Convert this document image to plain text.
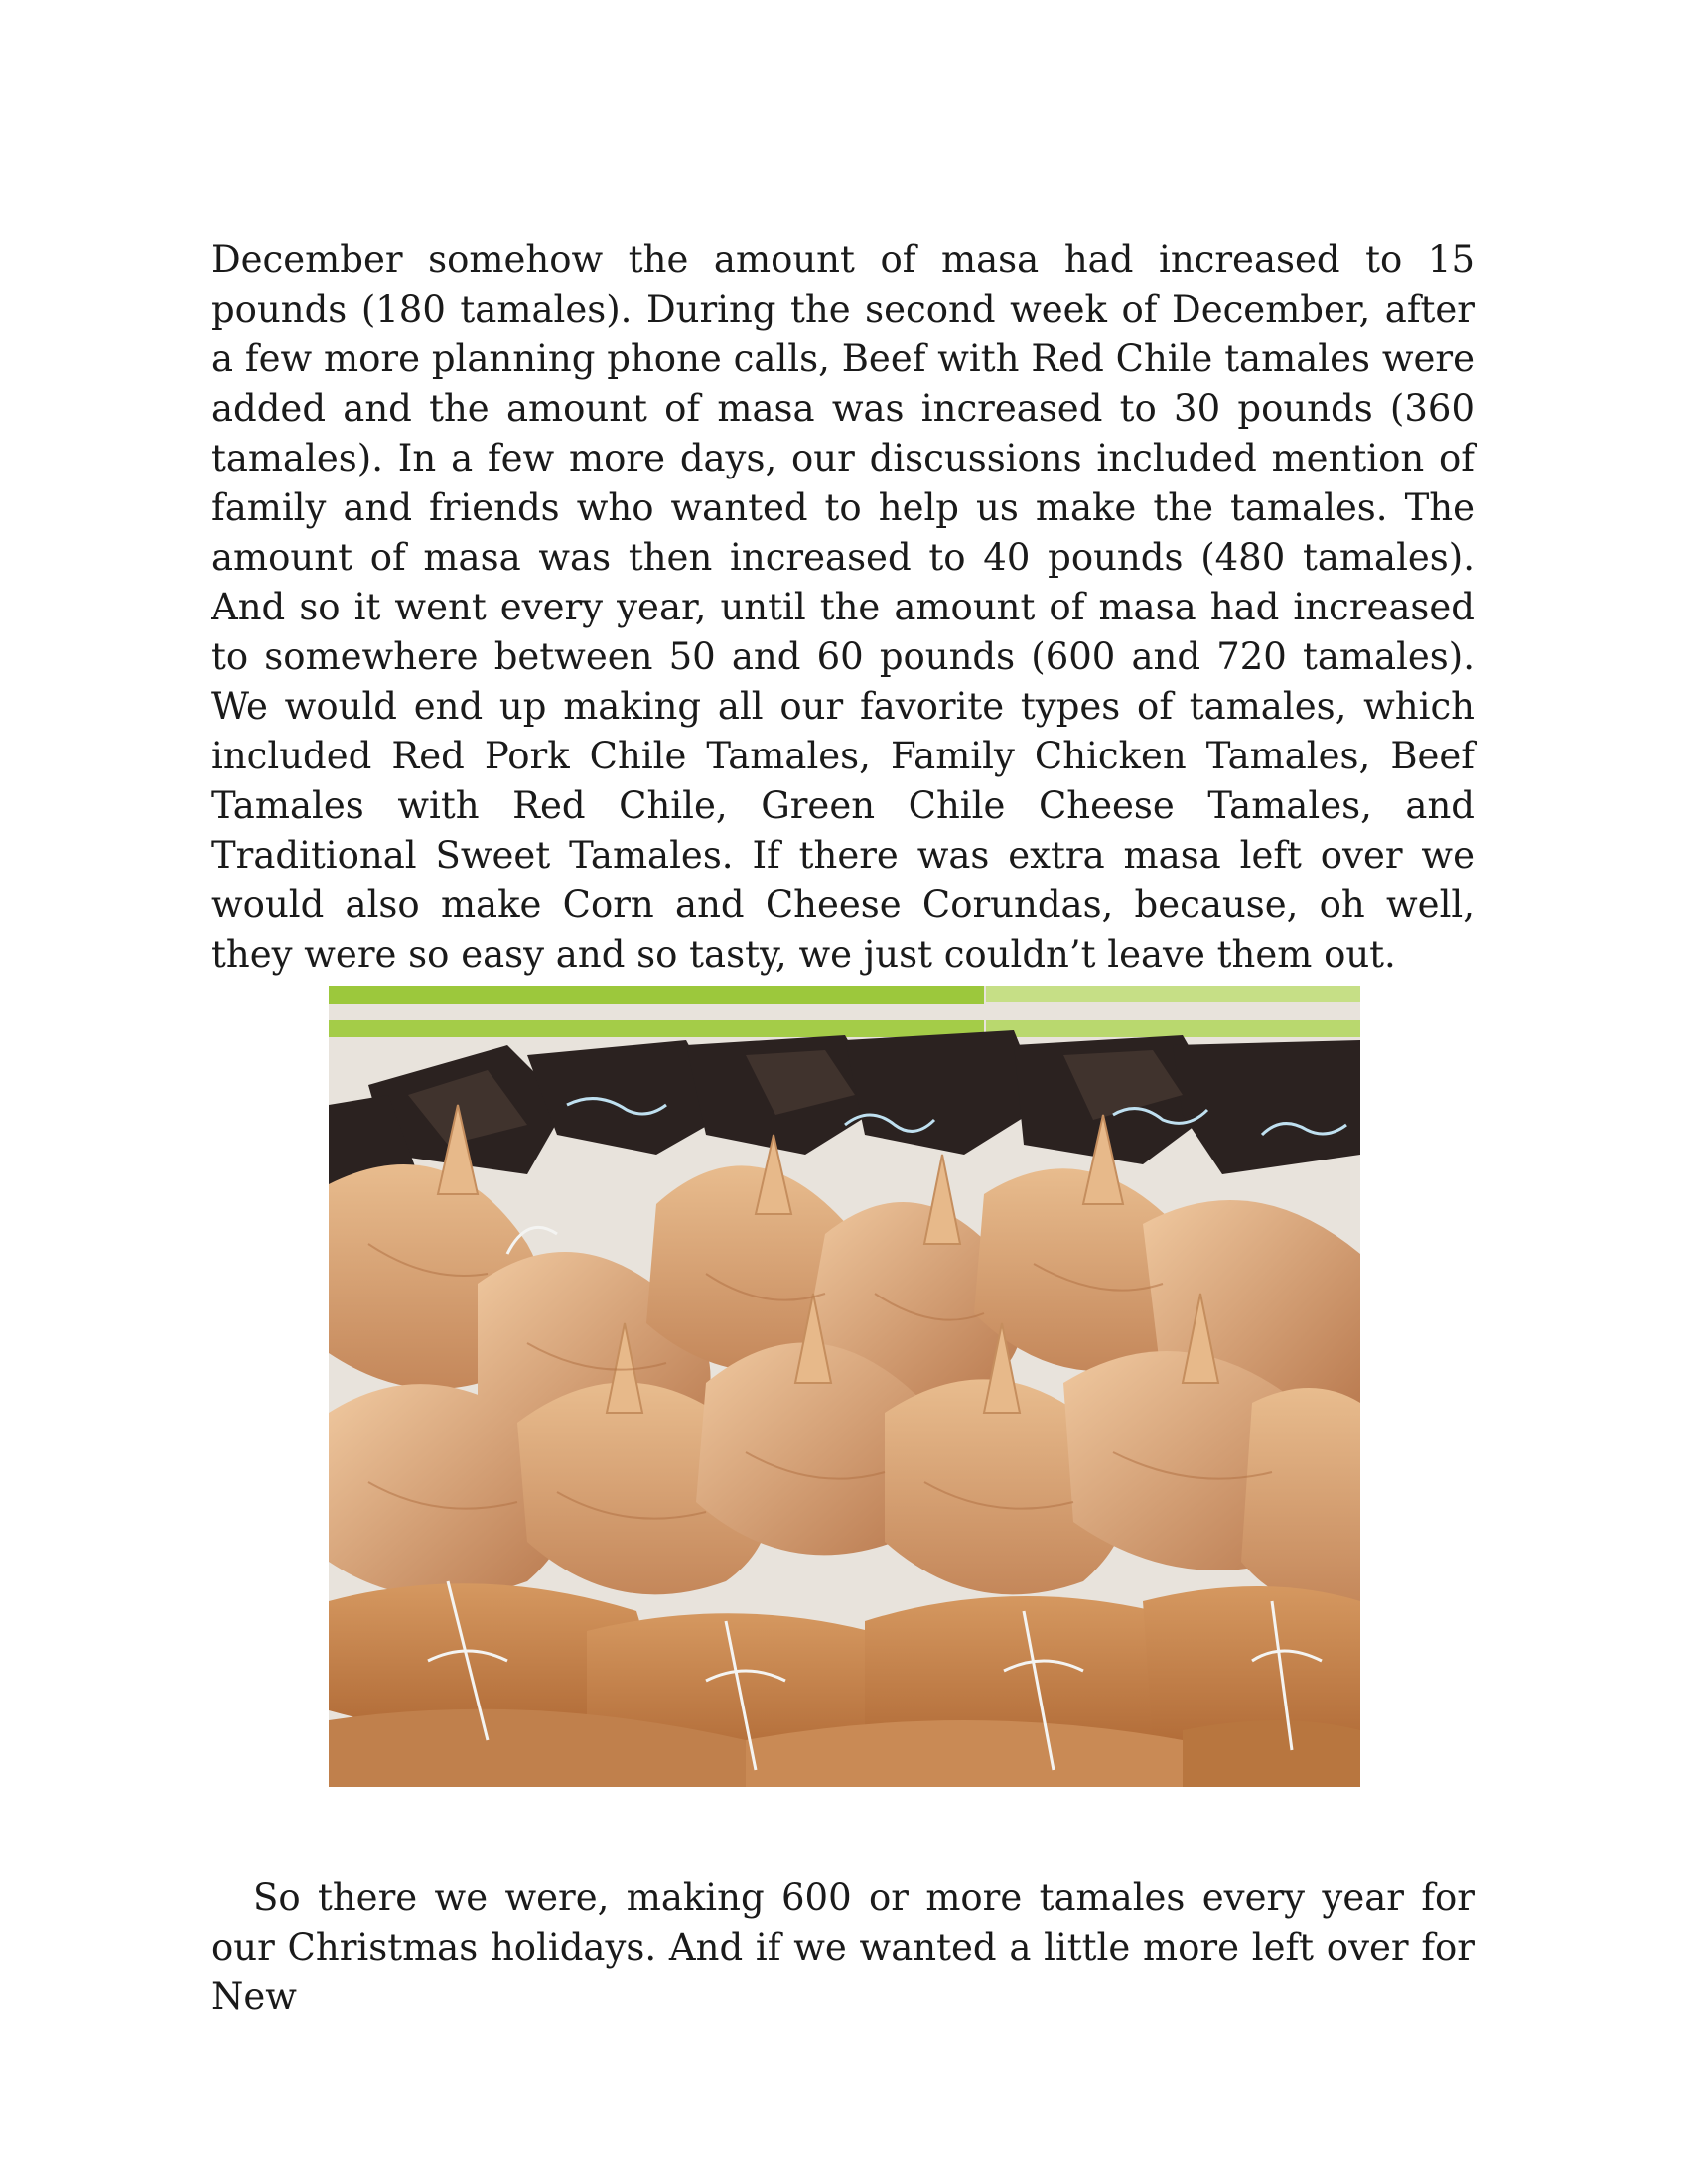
December somehow the amount of masa had increased to 15 pounds (180 tamales). During the second week of December, after a few more planning phone calls, Beef with Red Chile tamales were added and the amount of masa was increased to 30 pounds (360 tamales). In a few more days, our discussions included mention of family and friends who wanted to help us make the tamales. The amount of masa was then increased to 40 pounds (480 tamales). And so it went every year, until the amount of masa had increased to somewhere between 50 and 60 pounds (600 and 720 tamales). We would end up making all our favorite types of tamales, which included Red Pork Chile Tamales, Family Chicken Tamales, Beef Tamales with Red Chile, Green Chile Cheese Tamales, and Traditional Sweet Tamales. If there was extra masa left over we would also make Corn and Cheese Corundas, because, oh well, they were so easy and so tasty, we just couldn’t leave them out.

So there we were, making 600 or more tamales every year for our Christmas holidays. And if we wanted a little more left over for New
